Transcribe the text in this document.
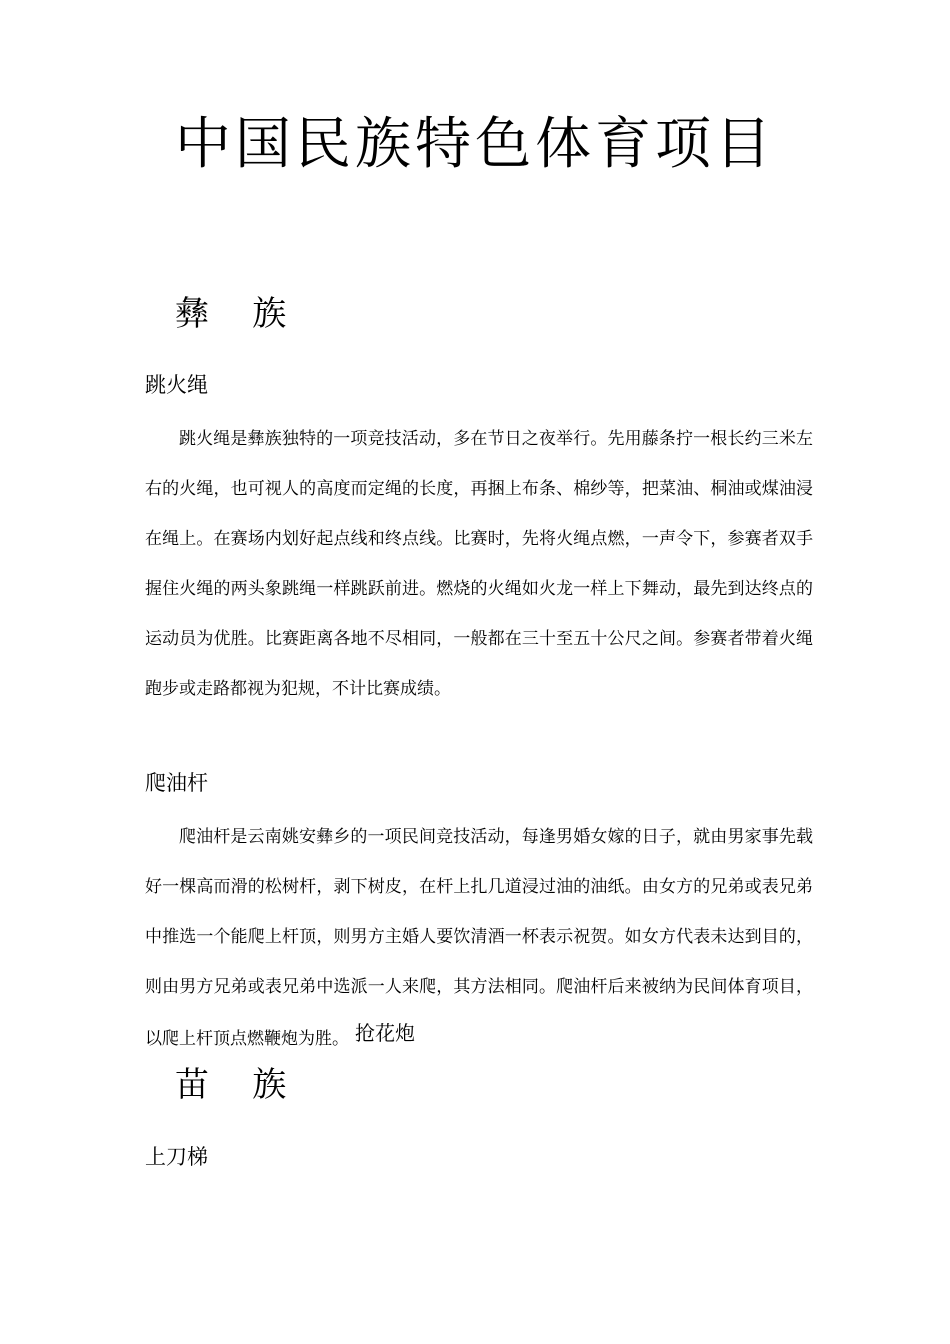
中国民族特色体育项目
彝    族
跳火绳

跳火绳是彝族独特的一项竞技活动，多在节日之夜举行。先用藤条拧一根长约三米左右的火绳，也可视人的高度而定绳的长度，再捆上布条、棉纱等，把菜油、桐油或煤油浸在绳上。在赛场内划好起点线和终点线。比赛时，先将火绳点燃，一声令下，参赛者双手握住火绳的两头象跳绳一样跳跃前进。燃烧的火绳如火龙一样上下舞动，最先到达终点的运动员为优胜。比赛距离各地不尽相同，一般都在三十至五十公尺之间。参赛者带着火绳跑步或走路都视为犯规，不计比赛成绩。

爬油杆

爬油杆是云南姚安彝乡的一项民间竞技活动，每逢男婚女嫁的日子，就由男家事先载好一棵高而滑的松树杆，剥下树皮，在杆上扎几道浸过油的油纸。由女方的兄弟或表兄弟中推选一个能爬上杆顶，则男方主婚人要饮清酒一杯表示祝贺。如女方代表未达到目的，则由男方兄弟或表兄弟中选派一人来爬，其方法相同。爬油杆后来被纳为民间体育项目，以爬上杆顶点燃鞭炮为胜。 抢花炮

苗    族
上刀梯
